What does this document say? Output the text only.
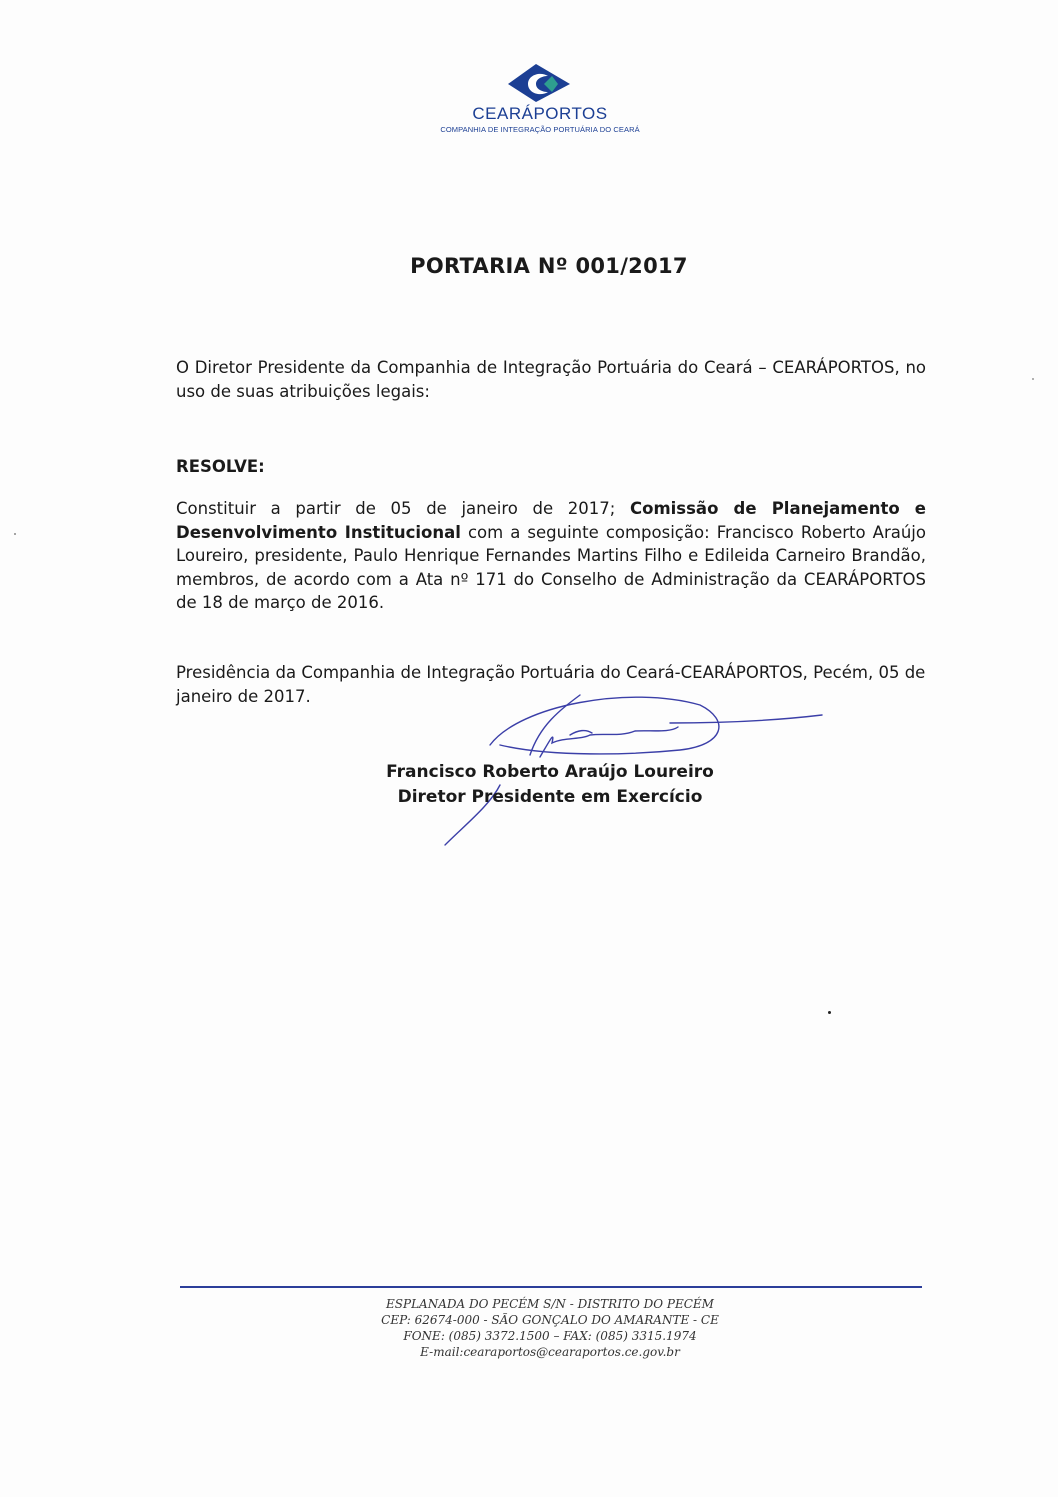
CEARÁPORTOS
COMPANHIA DE INTEGRAÇÃO PORTUÁRIA DO CEARÁ
PORTARIA Nº 001/2017
O Diretor Presidente da Companhia de Integração Portuária do Ceará – CEARÁPORTOS, no uso de suas atribuições legais:
RESOLVE:
Constituir a partir de 05 de janeiro de 2017; Comissão de Planejamento e Desenvolvimento Institucional com a seguinte composição: Francisco Roberto Araújo Loureiro, presidente, Paulo Henrique Fernandes Martins Filho e Edileida Carneiro Brandão, membros, de acordo com a Ata nº 171 do Conselho de Administração da CEARÁPORTOS de 18 de março de 2016.
Presidência da Companhia de Integração Portuária do Ceará-CEARÁPORTOS, Pecém, 05 de janeiro de 2017.
Francisco Roberto Araújo Loureiro
Diretor Presidente em Exercício
ESPLANADA DO PECÉM S/N - DISTRITO DO PECÉM
CEP: 62674-000 - SÃO GONÇALO DO AMARANTE - CE
FONE: (085) 3372.1500 – FAX: (085) 3315.1974
E-mail:cearaportos@cearaportos.ce.gov.br
